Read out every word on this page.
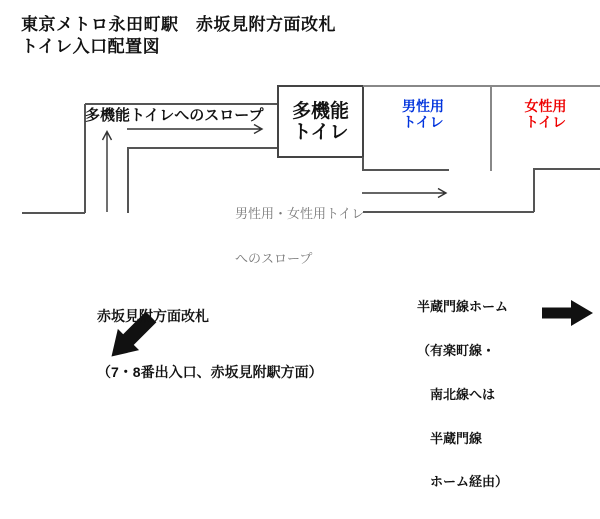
東京メトロ永田町駅　赤坂見附方面改札
トイレ入口配置図
多機能トイレへのスロープ 多機能
トイレ
男性用
トイレ
女性用
トイレ

男性用・女性用トイレ

へのスロープ

赤坂見附方面改札

（7・8番出入口、赤坂見附駅方面）

半蔵門線ホーム

（有楽町線・

　南北線へは

　半蔵門線

　ホーム経由）
